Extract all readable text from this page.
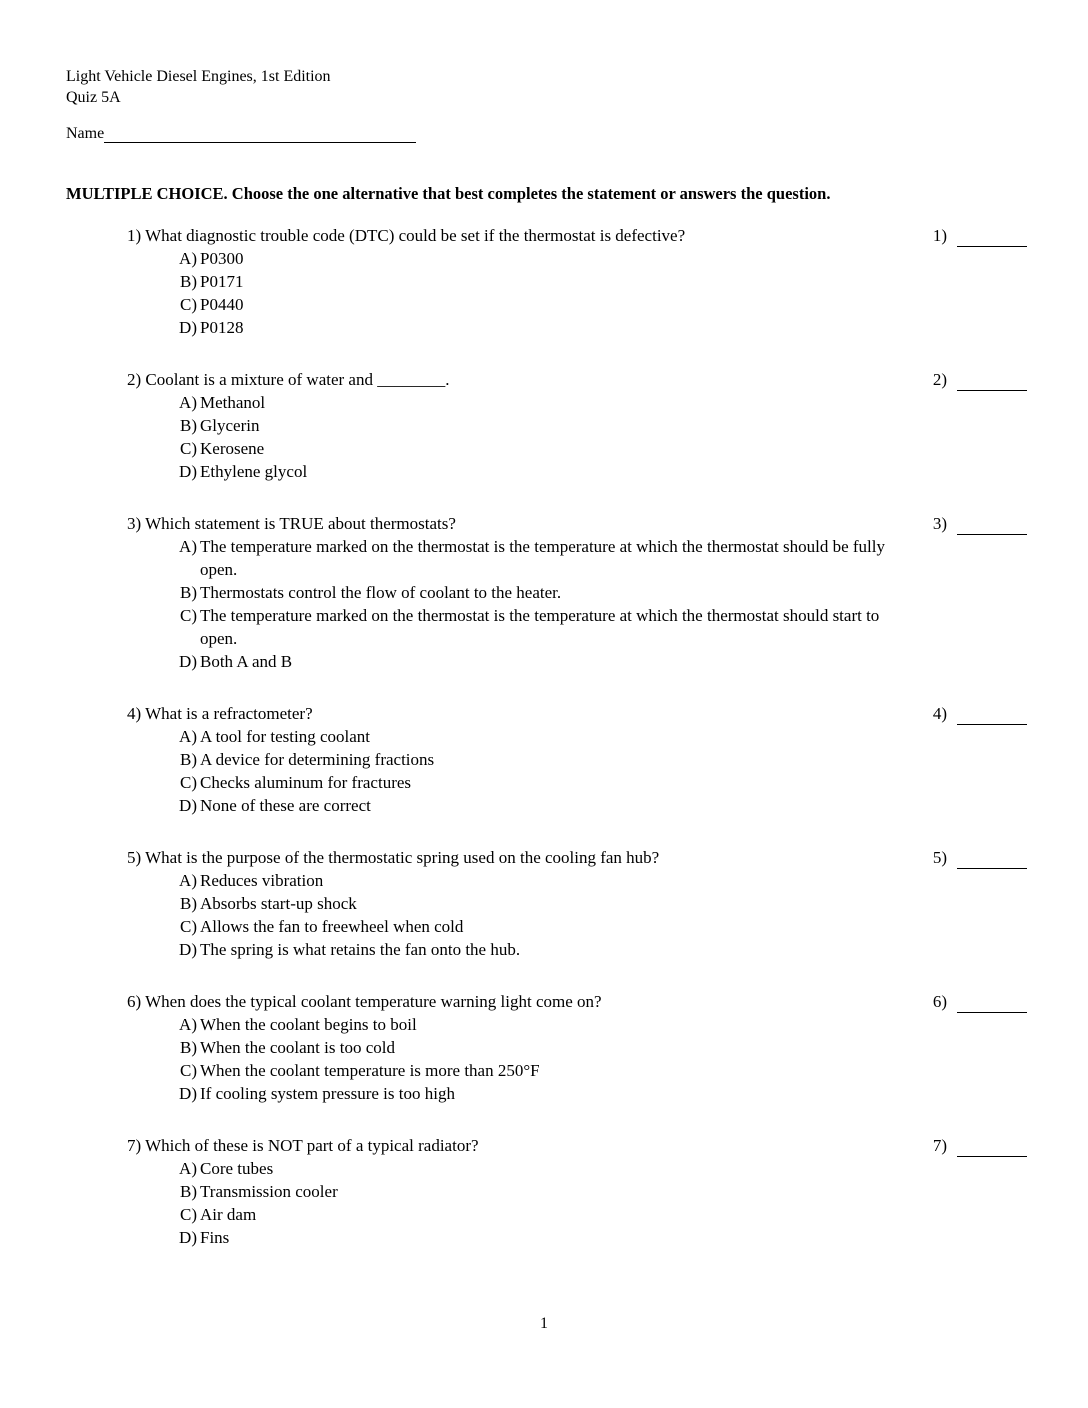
Light Vehicle Diesel Engines, 1st Edition
Quiz 5A
Name
MULTIPLE CHOICE. Choose the one alternative that best completes the statement or answers the question.
1) What diagnostic trouble code (DTC) could be set if the thermostat is defective?	1)
A) P0300
B) P0171
C) P0440
D) P0128
2) Coolant is a mixture of water and ________.	2)
A) Methanol
B) Glycerin
C) Kerosene
D) Ethylene glycol
3) Which statement is TRUE about thermostats?	3)
A) The temperature marked on the thermostat is the temperature at which the thermostat should be fully open.
B) Thermostats control the flow of coolant to the heater.
C) The temperature marked on the thermostat is the temperature at which the thermostat should start to open.
D) Both A and B
4) What is a refractometer?	4)
A) A tool for testing coolant
B) A device for determining fractions
C) Checks aluminum for fractures
D) None of these are correct
5) What is the purpose of the thermostatic spring used on the cooling fan hub?	5)
A) Reduces vibration
B) Absorbs start-up shock
C) Allows the fan to freewheel when cold
D) The spring is what retains the fan onto the hub.
6) When does the typical coolant temperature warning light come on?	6)
A) When the coolant begins to boil
B) When the coolant is too cold
C) When the coolant temperature is more than 250°F
D) If cooling system pressure is too high
7) Which of these is NOT part of a typical radiator?	7)
A) Core tubes
B) Transmission cooler
C) Air dam
D) Fins
1
